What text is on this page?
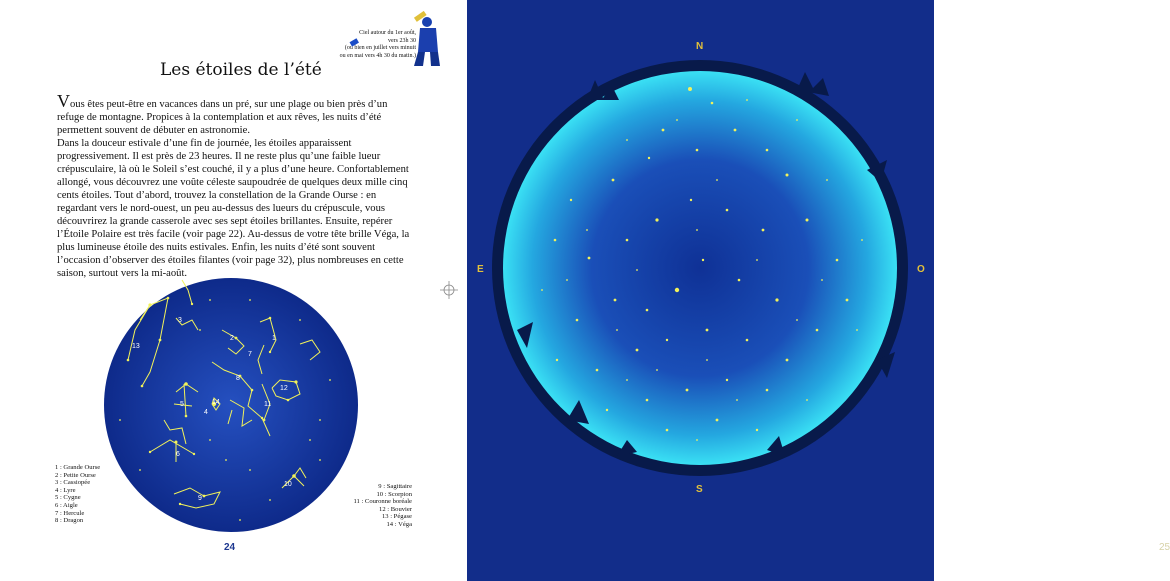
Ciel autour du 1er août,
vers 23h 30
(ou bien en juillet vers minuit
ou en mai vers 4h 30 du matin.)
1
2
3
4
5
6
7
8
9
10
11
12
13
14
Les étoiles de l’été

Vous êtes peut-être en vacances dans un pré, sur une plage ou bien près d’un refuge de montagne. Propices à la contemplation et aux rêves, les nuits d’été permettent souvent de débuter en astronomie.

Dans la douceur estivale d’une fin de journée, les étoiles apparaissent progressivement. Il est près de 23 heures. Il ne reste plus qu’une faible lueur crépusculaire, là où le Soleil s’est couché, il y a plus d’une heure. Confortablement allongé, vous découvrez une voûte céleste saupoudrée de quelques deux mille cinq cents étoiles. Tout d’abord, trouvez la constellation de la Grande Ourse : en regardant vers le nord-ouest, un peu au-dessus des lueurs du crépuscule, vous découvrirez la grande casserole avec ses sept étoiles brillantes. Ensuite, repérer l’Étoile Polaire est très facile (voir page 22). Au-dessus de votre tête brille Véga, la plus lumineuse étoile des nuits estivales. Enfin, les nuits d’été sont souvent l’occasion d’observer des étoiles filantes (voir page 32), plus nombreuses en cette saison, surtout vers la mi-août.

1 : Grande Ourse
2 : Petite Ourse
3 : Cassiopée
4 : Lyre
5 : Cygne
6 : Aigle
7 : Hercule
8 : Dragon
9 : Sagittaire
10 : Scorpion
11 : Couronne boréale
12 : Bouvier
13 : Pégase
14 : Véga
24
N
S
E	O
25
